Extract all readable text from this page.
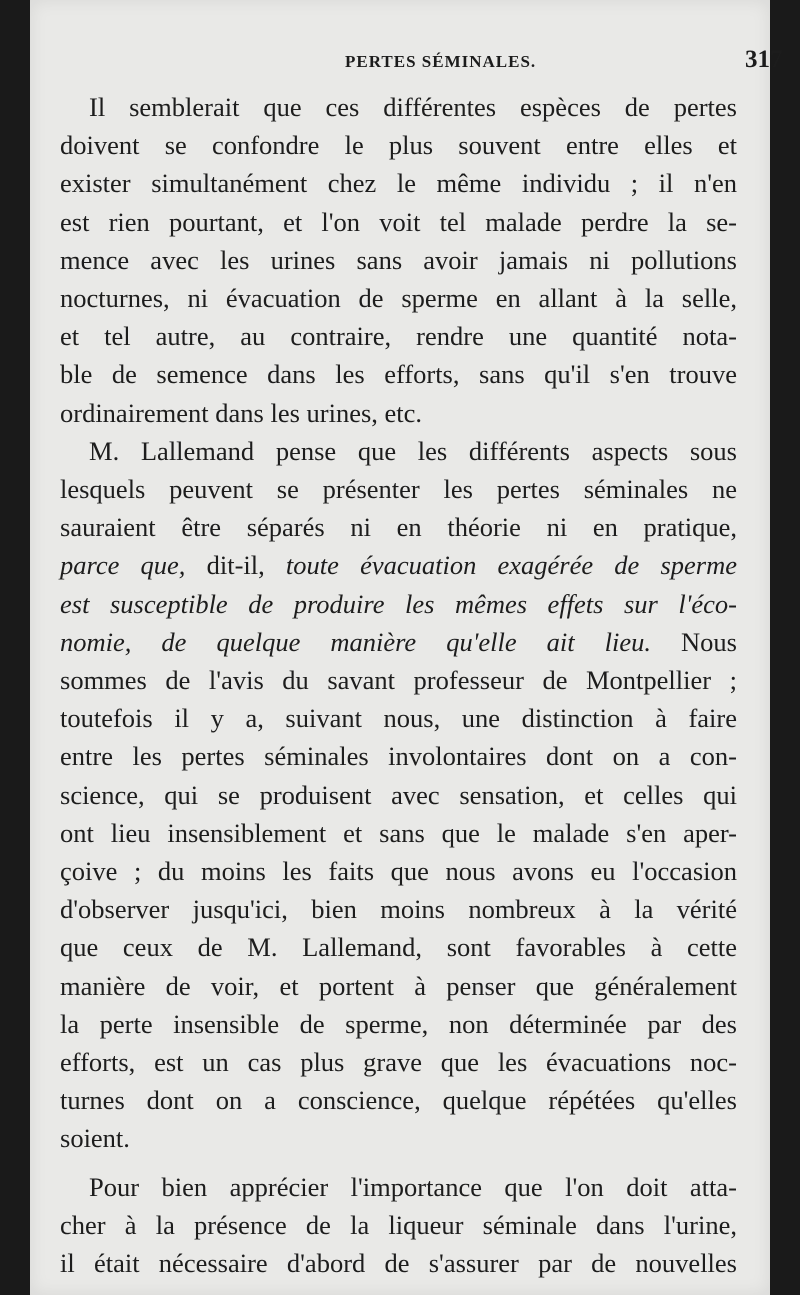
PERTES SÉMINALES.	317
Il semblerait que ces différentes espèces de pertes
doivent se confondre le plus souvent entre elles et
exister simultanément chez le même individu ; il n'en
est rien pourtant, et l'on voit tel malade perdre la se-
mence avec les urines sans avoir jamais ni pollutions
nocturnes, ni évacuation de sperme en allant à la selle,
et tel autre, au contraire, rendre une quantité nota-
ble de semence dans les efforts, sans qu'il s'en trouve
ordinairement dans les urines, etc.
M. Lallemand pense que les différents aspects sous
lesquels peuvent se présenter les pertes séminales ne
sauraient être séparés ni en théorie ni en pratique,
parce que, dit-il, toute évacuation exagérée de sperme
est susceptible de produire les mêmes effets sur l'éco-
nomie, de quelque manière qu'elle ait lieu. Nous
sommes de l'avis du savant professeur de Montpellier ;
toutefois il y a, suivant nous, une distinction à faire
entre les pertes séminales involontaires dont on a con-
science, qui se produisent avec sensation, et celles qui
ont lieu insensiblement et sans que le malade s'en aper-
çoive ; du moins les faits que nous avons eu l'occasion
d'observer jusqu'ici, bien moins nombreux à la vérité
que ceux de M. Lallemand, sont favorables à cette
manière de voir, et portent à penser que généralement
la perte insensible de sperme, non déterminée par des
efforts, est un cas plus grave que les évacuations noc-
turnes dont on a conscience, quelque répétées qu'elles
soient.
Pour bien apprécier l'importance que l'on doit atta-
cher à la présence de la liqueur séminale dans l'urine,
il était nécessaire d'abord de s'assurer par de nouvelles
